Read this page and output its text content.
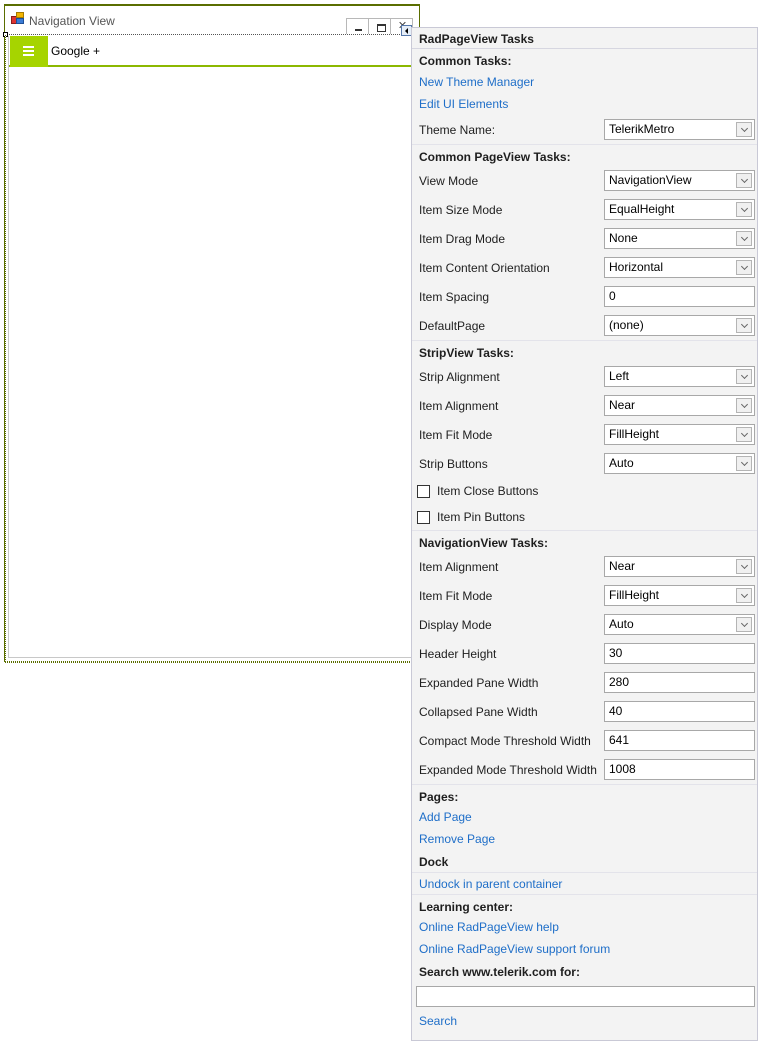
Navigation View
Google +
RadPageView Tasks
Common Tasks:
New Theme Manager
Edit UI Elements
Theme Name:	TelerikMetro
Common PageView Tasks:
View Mode	NavigationView
Item Size Mode	EqualHeight
Item Drag Mode	None
Item Content Orientation	Horizontal
Item Spacing	0
DefaultPage	(none)
StripView Tasks:
Strip Alignment	Left
Item Alignment	Near
Item Fit Mode	FillHeight
Strip Buttons	Auto
Item Close Buttons
Item Pin Buttons
NavigationView Tasks:
Item Alignment	Near
Item Fit Mode	FillHeight
Display Mode	Auto
Header Height	30
Expanded Pane Width	280
Collapsed Pane Width	40
Compact Mode Threshold Width	641
Expanded Mode Threshold Width	1008
Pages:
Add Page
Remove Page
Dock
Undock in parent container
Learning center:
Online RadPageView help
Online RadPageView support forum
Search www.telerik.com for:
Search
